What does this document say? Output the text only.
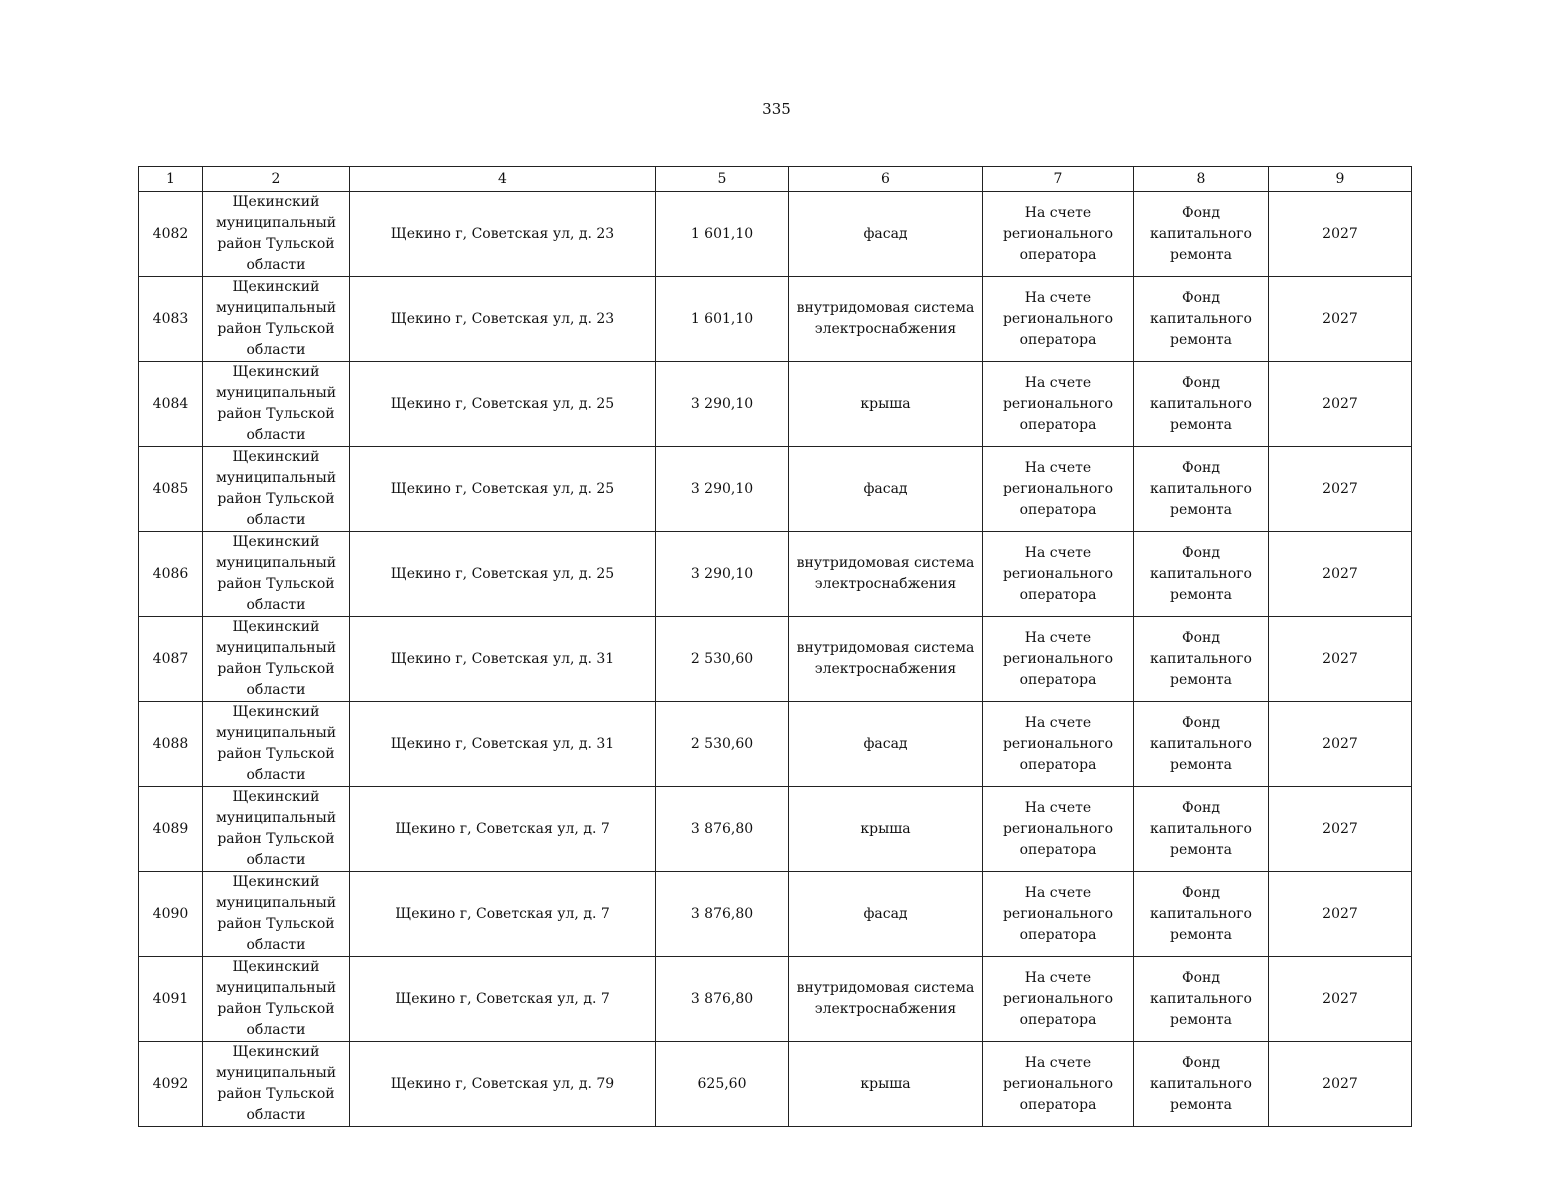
335
1	2	4	5	6	7	8	9
4082	Щекинский муниципальный район Тульской области	Щекино г, Советская ул, д. 23	1 601,10	фасад	На счете регионального оператора	Фонд капитального ремонта	2027
4083	Щекинский муниципальный район Тульской области	Щекино г, Советская ул, д. 23	1 601,10	внутридомовая система электроснабжения	На счете регионального оператора	Фонд капитального ремонта	2027
4084	Щекинский муниципальный район Тульской области	Щекино г, Советская ул, д. 25	3 290,10	крыша	На счете регионального оператора	Фонд капитального ремонта	2027
4085	Щекинский муниципальный район Тульской области	Щекино г, Советская ул, д. 25	3 290,10	фасад	На счете регионального оператора	Фонд капитального ремонта	2027
4086	Щекинский муниципальный район Тульской области	Щекино г, Советская ул, д. 25	3 290,10	внутридомовая система электроснабжения	На счете регионального оператора	Фонд капитального ремонта	2027
4087	Щекинский муниципальный район Тульской области	Щекино г, Советская ул, д. 31	2 530,60	внутридомовая система электроснабжения	На счете регионального оператора	Фонд капитального ремонта	2027
4088	Щекинский муниципальный район Тульской области	Щекино г, Советская ул, д. 31	2 530,60	фасад	На счете регионального оператора	Фонд капитального ремонта	2027
4089	Щекинский муниципальный район Тульской области	Щекино г, Советская ул, д. 7	3 876,80	крыша	На счете регионального оператора	Фонд капитального ремонта	2027
4090	Щекинский муниципальный район Тульской области	Щекино г, Советская ул, д. 7	3 876,80	фасад	На счете регионального оператора	Фонд капитального ремонта	2027
4091	Щекинский муниципальный район Тульской области	Щекино г, Советская ул, д. 7	3 876,80	внутридомовая система электроснабжения	На счете регионального оператора	Фонд капитального ремонта	2027
4092	Щекинский муниципальный район Тульской области	Щекино г, Советская ул, д. 79	625,60	крыша	На счете регионального оператора	Фонд капитального ремонта	2027
